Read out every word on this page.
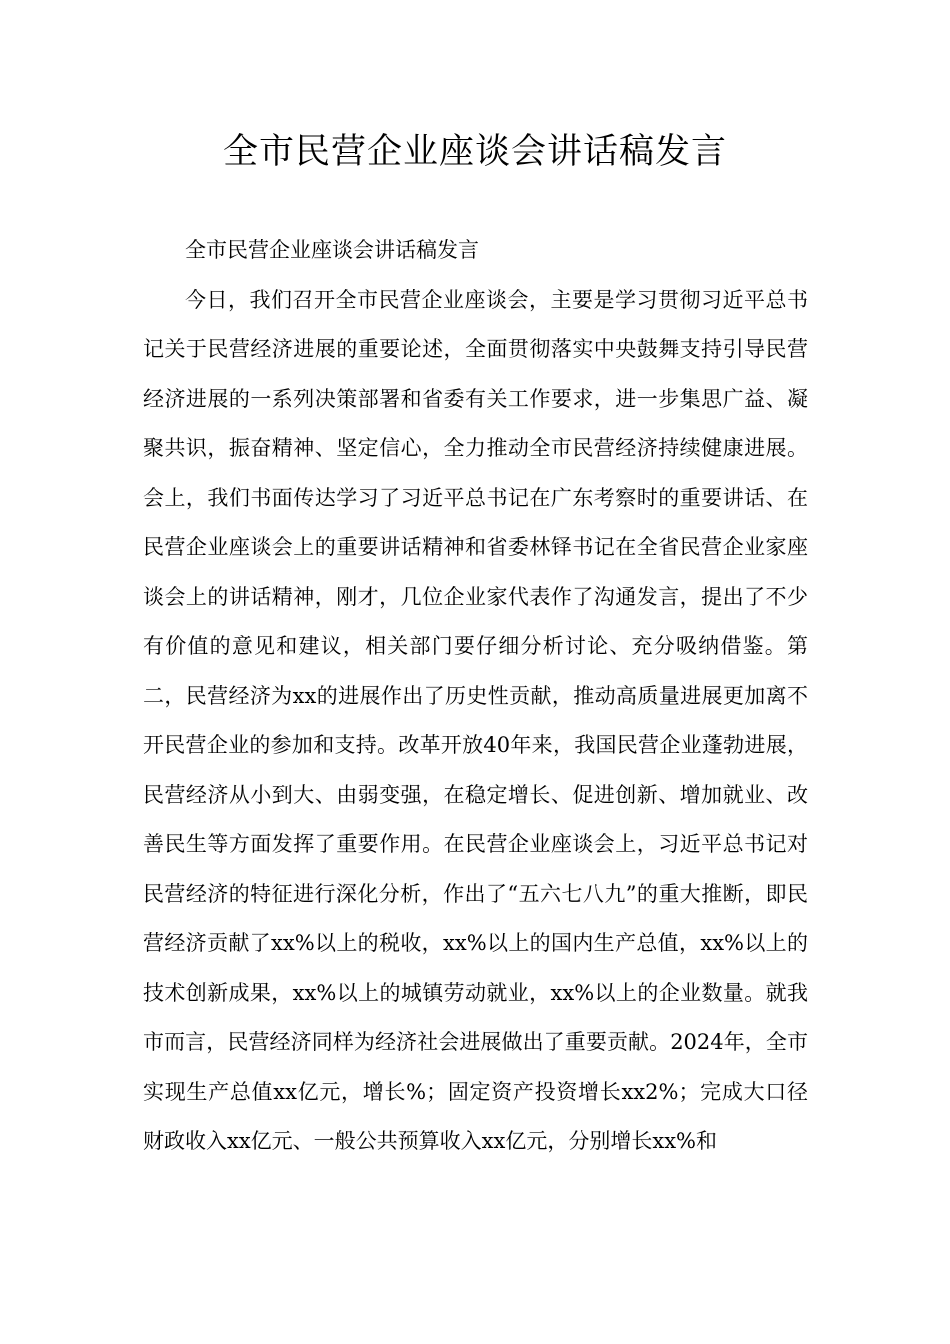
全市民营企业座谈会讲话稿发言

全市民营企业座谈会讲话稿发言

今日，我们召开全市民营企业座谈会，主要是学习贯彻习近平总书记关于民营经济进展的重要论述，全面贯彻落实中央鼓舞支持引导民营经济进展的一系列决策部署和省委有关工作要求，进一步集思广益、凝聚共识，振奋精神、坚定信心，全力推动全市民营经济持续健康进展。会上，我们书面传达学习了习近平总书记在广东考察时的重要讲话、在民营企业座谈会上的重要讲话精神和省委林铎书记在全省民营企业家座谈会上的讲话精神，刚才，几位企业家代表作了沟通发言，提出了不少有价值的意见和建议，相关部门要仔细分析讨论、充分吸纳借鉴。第二，民营经济为xx的进展作出了历史性贡献，推动高质量进展更加离不开民营企业的参加和支持。改革开放40年来，我国民营企业蓬勃进展，民营经济从小到大、由弱变强，在稳定增长、促进创新、增加就业、改善民生等方面发挥了重要作用。在民营企业座谈会上，习近平总书记对民营经济的特征进行深化分析，作出了“五六七八九”的重大推断，即民营经济贡献了xx%以上的税收，xx%以上的国内生产总值，xx%以上的技术创新成果，xx%以上的城镇劳动就业，xx%以上的企业数量。就我市而言，民营经济同样为经济社会进展做出了重要贡献。2024年，全市实现生产总值xx亿元，增长%；固定资产投资增长xx2%；完成大口径财政收入xx亿元、一般公共预算收入xx亿元，分别增长xx%和
